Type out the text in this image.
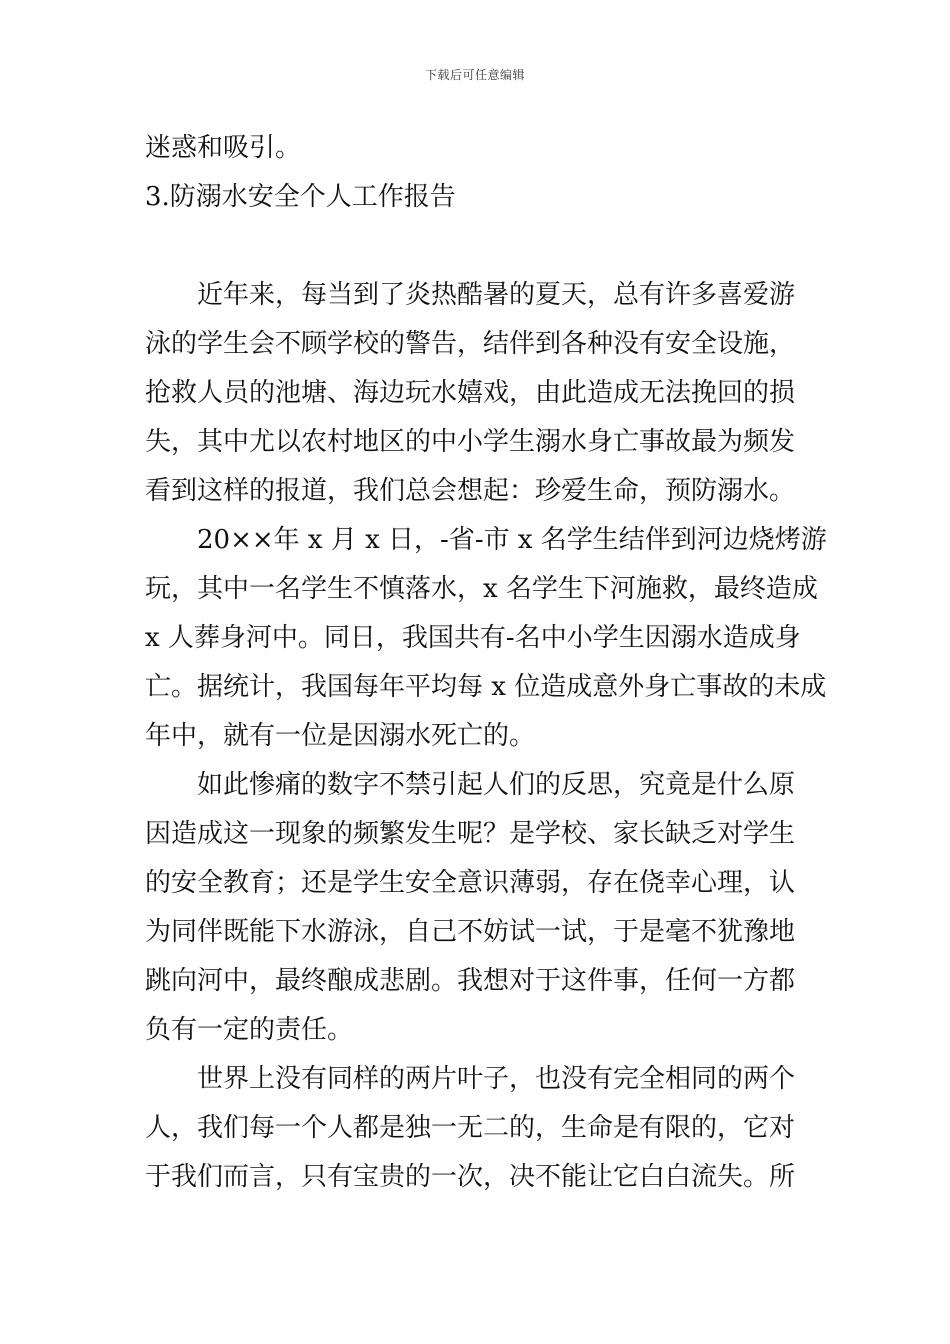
下载后可任意编辑

迷惑和吸引。

3.防溺水安全个人工作报告

近年来，每当到了炎热酷暑的夏天，总有许多喜爱游

泳的学生会不顾学校的警告，结伴到各种没有安全设施，

抢救人员的池塘、海边玩水嬉戏，由此造成无法挽回的损

失，其中尤以农村地区的中小学生溺水身亡事故最为频发

看到这样的报道，我们总会想起：珍爱生命，预防溺水。

20××年 x 月 x 日，-省-市 x 名学生结伴到河边烧烤游

玩，其中一名学生不慎落水，x 名学生下河施救，最终造成

x 人葬身河中。同日，我国共有-名中小学生因溺水造成身

亡。据统计，我国每年平均每 x 位造成意外身亡事故的未成

年中，就有一位是因溺水死亡的。

如此惨痛的数字不禁引起人们的反思，究竟是什么原

因造成这一现象的频繁发生呢？是学校、家长缺乏对学生

的安全教育；还是学生安全意识薄弱，存在侥幸心理，认

为同伴既能下水游泳，自己不妨试一试，于是毫不犹豫地

跳向河中，最终酿成悲剧。我想对于这件事，任何一方都

负有一定的责任。

世界上没有同样的两片叶子，也没有完全相同的两个

人，我们每一个人都是独一无二的，生命是有限的，它对

于我们而言，只有宝贵的一次，决不能让它白白流失。所
